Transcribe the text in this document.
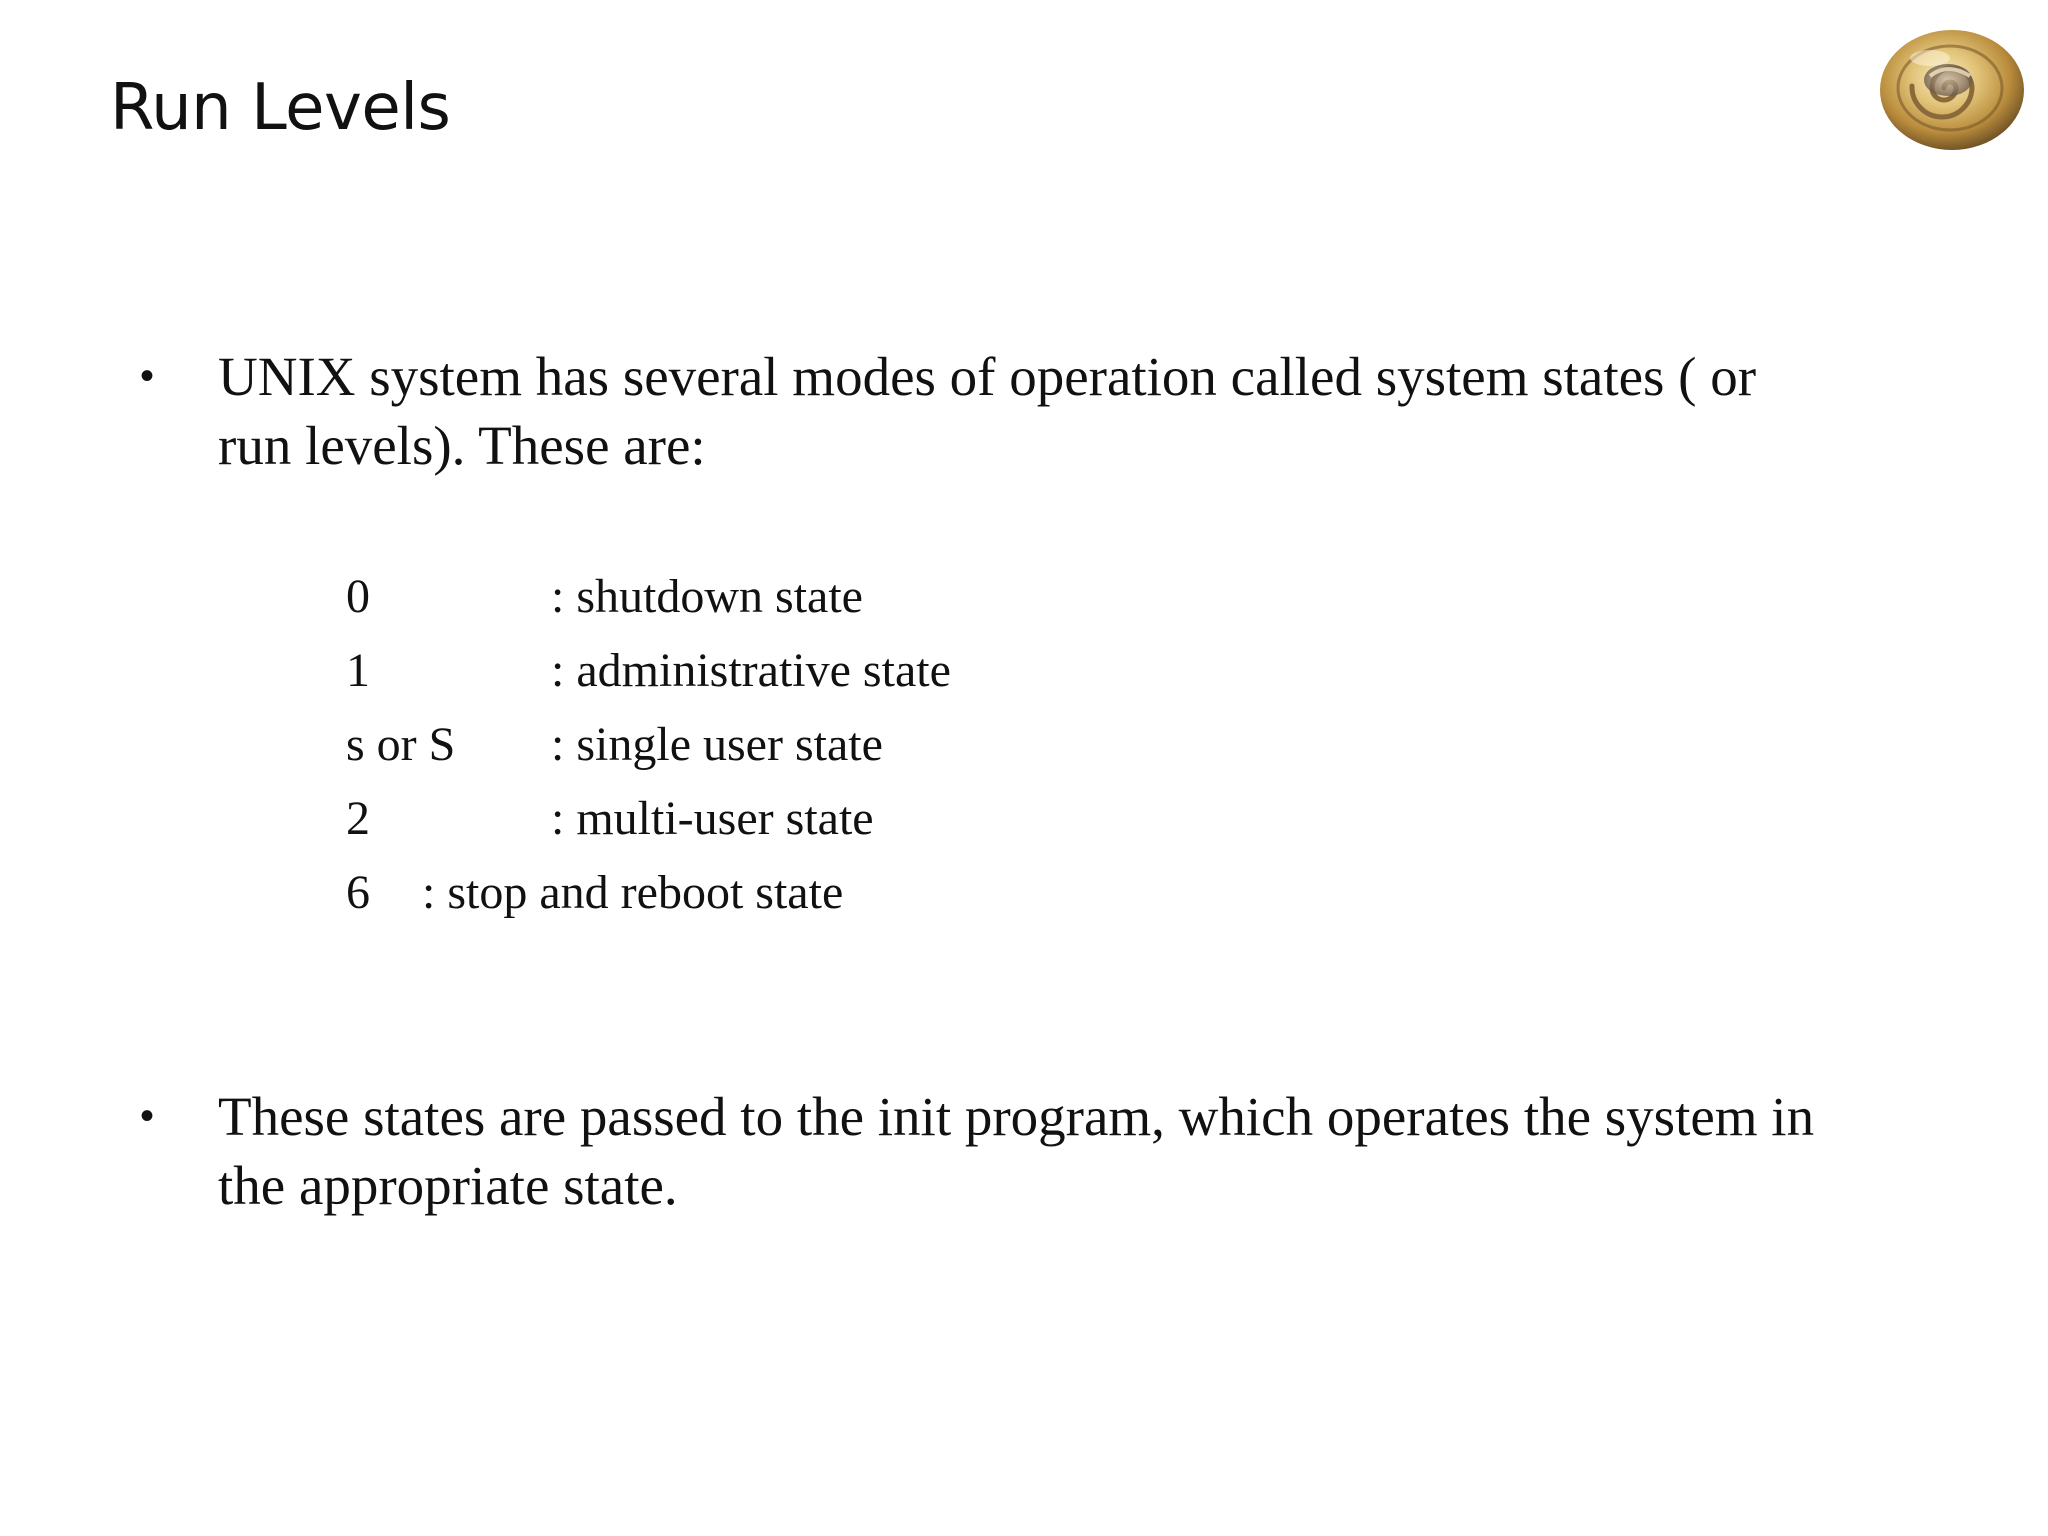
Run Levels
• UNIX system has several modes of operation called system states ( or run levels). These are:
0	: shutdown state
1	: administrative state
s or S : single user state
2	: multi-user state
6 : stop and reboot state
• These states are passed to the init program, which operates the system in the appropriate state.
